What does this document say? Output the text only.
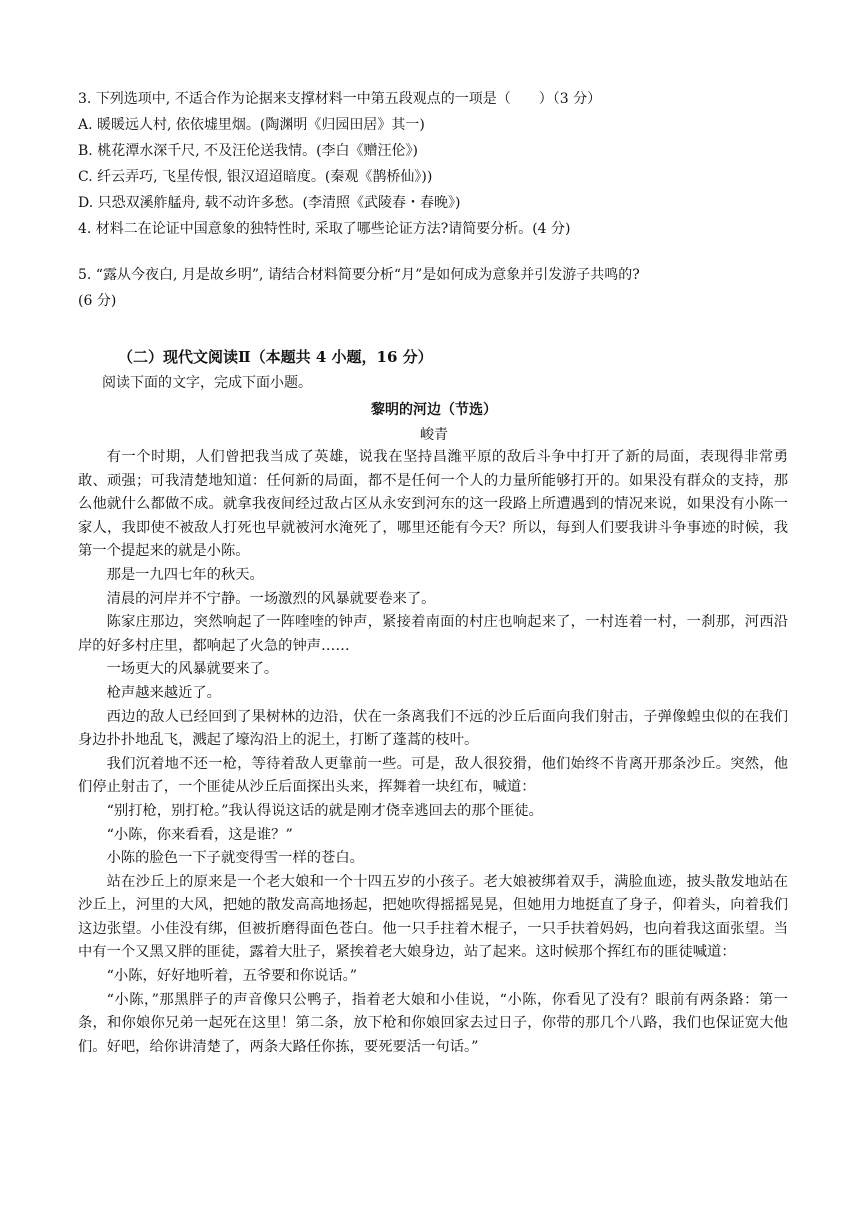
3. 下列选项中, 不适合作为论据来支撑材料一中第五段观点的一项是（　　）（3 分）
A. 暖暖远人村, 依依墟里烟。(陶渊明《归园田居》其一)
B. 桃花潭水深千尺, 不及汪伦送我情。(李白《赠汪伦》)
C. 纤云弄巧, 飞星传恨, 银汉迢迢暗度。(秦观《鹊桥仙》))
D. 只恐双溪舴艋舟, 载不动许多愁。(李清照《武陵春・春晚》)
4. 材料二在论证中国意象的独特性时, 采取了哪些论证方法?请简要分析。(4 分)
5. “露从今夜白, 月是故乡明”, 请结合材料简要分析“月”是如何成为意象并引发游子共鸣的?
(6 分)
（二）现代文阅读Ⅱ（本题共 4 小题，16 分）
阅读下面的文字，完成下面小题。
黎明的河边（节选）
峻青

有一个时期，人们曾把我当成了英雄，说我在坚持昌潍平原的敌后斗争中打开了新的局面，表现得非常勇敢、顽强；可我清楚地知道：任何新的局面，都不是任何一个人的力量所能够打开的。如果没有群众的支持，那么他就什么都做不成。就拿我夜间经过敌占区从永安到河东的这一段路上所遭遇到的情况来说，如果没有小陈一家人，我即使不被敌人打死也早就被河水淹死了，哪里还能有今天？所以，每到人们要我讲斗争事迹的时候，我第一个提起来的就是小陈。

那是一九四七年的秋天。

清晨的河岸并不宁静。一场激烈的风暴就要卷来了。

陈家庄那边，突然响起了一阵喹喹的钟声，紧接着南面的村庄也响起来了，一村连着一村，一刹那，河西沿岸的好多村庄里，都响起了火急的钟声……

一场更大的风暴就要来了。

枪声越来越近了。

西边的敌人已经回到了果树林的边沿，伏在一条离我们不远的沙丘后面向我们射击，子弹像蝗虫似的在我们身边扑扑地乱飞，溅起了壕沟沿上的泥土，打断了蓬蒿的枝叶。

我们沉着地不还一枪，等待着敌人更靠前一些。可是，敌人很狡猾，他们始终不肯离开那条沙丘。突然，他们停止射击了，一个匪徒从沙丘后面探出头来，挥舞着一块红布，喊道：

“别打枪，别打枪。”我认得说这话的就是刚才侥幸逃回去的那个匪徒。

“小陈，你来看看，这是谁？”

小陈的脸色一下子就变得雪一样的苍白。

站在沙丘上的原来是一个老大娘和一个十四五岁的小孩子。老大娘被绑着双手，满脸血迹，披头散发地站在沙丘上，河里的大风，把她的散发高高地扬起，把她吹得摇摇晃晃，但她用力地挺直了身子，仰着头，向着我们这边张望。小佳没有绑，但被折磨得面色苍白。他一只手拄着木棍子，一只手扶着妈妈，也向着我这面张望。当中有一个又黑又胖的匪徒，露着大肚子，紧挨着老大娘身边，站了起来。这时候那个挥红布的匪徒喊道：

“小陈，好好地听着，五爷要和你说话。”

“小陈，”那黑胖子的声音像只公鸭子，指着老大娘和小佳说，“小陈，你看见了没有？眼前有两条路：第一条，和你娘你兄弟一起死在这里！第二条，放下枪和你娘回家去过日子，你带的那几个八路，我们也保证宽大他们。好吧，给你讲清楚了，两条大路任你拣，要死要活一句话。”
